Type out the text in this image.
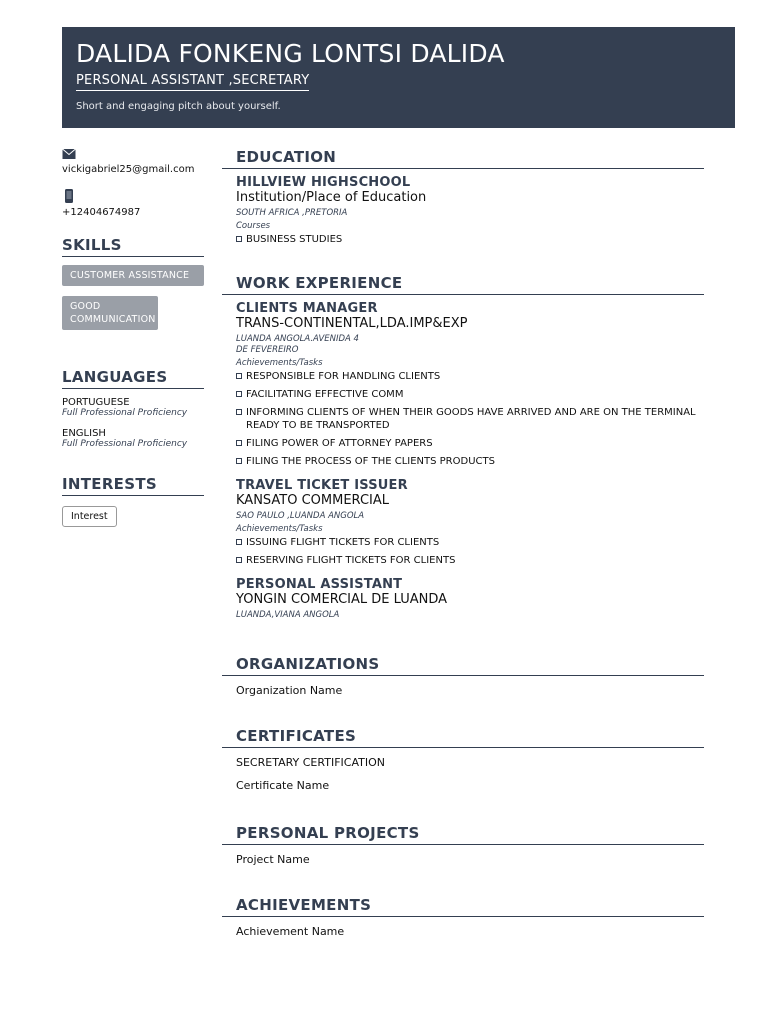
DALIDA FONKENG LONTSI DALIDA
PERSONAL ASSISTANT ,SECRETARY
Short and engaging pitch about yourself.
vickigabriel25@gmail.com
+12404674987
SKILLS
CUSTOMER ASSISTANCE
GOOD COMMUNICATION
LANGUAGES
PORTUGUESE
Full Professional Proficiency
ENGLISH
Full Professional Proficiency
INTERESTS
Interest
EDUCATION
HILLVIEW HIGHSCHOOL
Institution/Place of Education
SOUTH AFRICA ,PRETORIA
Courses
BUSINESS STUDIES
WORK EXPERIENCE
CLIENTS MANAGER
TRANS-CONTINENTAL,LDA.IMP&EXP
LUANDA ANGOLA.AVENIDA 4
DE FEVEREIRO
Achievements/Tasks
RESPONSIBLE FOR HANDLING CLIENTS
FACILITATING EFFECTIVE COMM
INFORMING CLIENTS OF WHEN THEIR GOODS HAVE ARRIVED AND ARE ON THE TERMINAL READY TO BE TRANSPORTED
FILING POWER OF ATTORNEY PAPERS
FILING THE PROCESS OF THE CLIENTS PRODUCTS
TRAVEL TICKET ISSUER
KANSATO COMMERCIAL
SAO PAULO ,LUANDA ANGOLA
Achievements/Tasks
ISSUING FLIGHT TICKETS FOR CLIENTS
RESERVING FLIGHT TICKETS FOR CLIENTS
PERSONAL ASSISTANT
YONGIN COMERCIAL DE LUANDA
LUANDA,VIANA ANGOLA
ORGANIZATIONS
Organization Name
CERTIFICATES
SECRETARY CERTIFICATION
Certificate Name
PERSONAL PROJECTS
Project Name
ACHIEVEMENTS
Achievement Name
